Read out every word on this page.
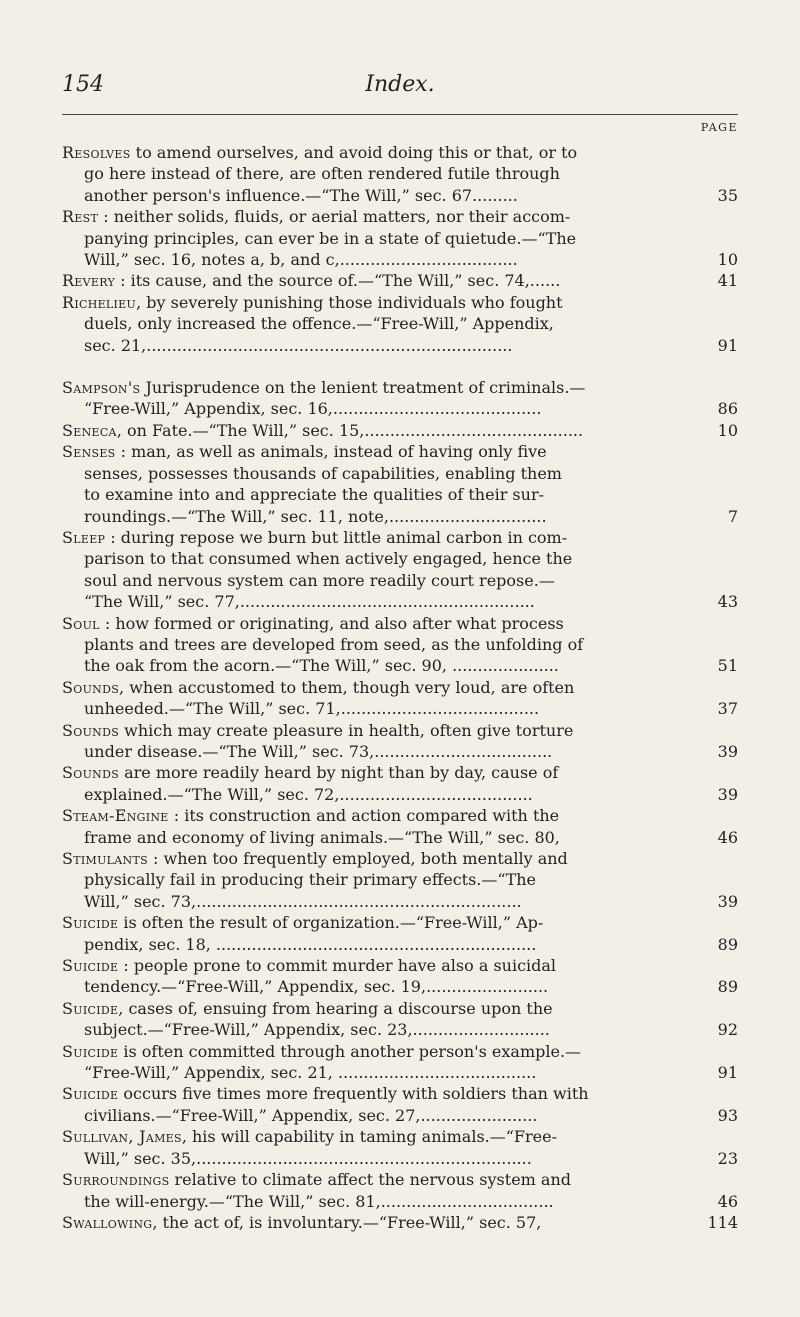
154	Index.
PAGE
Resolves to amend ourselves, and avoid doing this or that, or to
go here instead of there, are often rendered futile through
another person's influence.—“The Will,” sec. 67.........	35
Rest : neither solids, fluids, or aerial matters, nor their accom-
panying principles, can ever be in a state of quietude.—“The
Will,” sec. 16, notes a, b, and c,...................................	10
Revery : its cause, and the source of.—“The Will,” sec. 74,......	41
Richelieu, by severely punishing those individuals who fought
duels, only increased the offence.—“Free-Will,” Appendix,
sec. 21,........................................................................	91
Sampson's Jurisprudence on the lenient treatment of criminals.—
“Free-Will,” Appendix, sec. 16,.........................................	86
Seneca, on Fate.—“The Will,” sec. 15,...........................................	10
Senses : man, as well as animals, instead of having only five
senses, possesses thousands of capabilities, enabling them
to examine into and appreciate the qualities of their sur-
roundings.—“The Will,” sec. 11, note,...............................	7
Sleep : during repose we burn but little animal carbon in com-
parison to that consumed when actively engaged, hence the
soul and nervous system can more readily court repose.—
“The Will,” sec. 77,..........................................................	43
Soul : how formed or originating, and also after what process
plants and trees are developed from seed, as the unfolding of
the oak from the acorn.—“The Will,” sec. 90, .....................	51
Sounds, when accustomed to them, though very loud, are often
unheeded.—“The Will,” sec. 71,.......................................	37
Sounds which may create pleasure in health, often give torture
under disease.—“The Will,” sec. 73,...................................	39
Sounds are more readily heard by night than by day, cause of
explained.—“The Will,” sec. 72,......................................	39
Steam-Engine : its construction and action compared with the
frame and economy of living animals.—“The Will,” sec. 80,	46
Stimulants : when too frequently employed, both mentally and
physically fail in producing their primary effects.—“The
Will,” sec. 73,................................................................	39
Suicide is often the result of organization.—“Free-Will,” Ap-
pendix, sec. 18, ...............................................................	89
Suicide : people prone to commit murder have also a suicidal
tendency.—“Free-Will,” Appendix, sec. 19,........................	89
Suicide, cases of, ensuing from hearing a discourse upon the
subject.—“Free-Will,” Appendix, sec. 23,...........................	92
Suicide is often committed through another person's example.—
“Free-Will,” Appendix, sec. 21, .......................................	91
Suicide occurs five times more frequently with soldiers than with
civilians.—“Free-Will,” Appendix, sec. 27,.......................	93
Sullivan, James, his will capability in taming animals.—“Free-
Will,” sec. 35,..................................................................	23
Surroundings relative to climate affect the nervous system and
the will-energy.—“The Will,” sec. 81,..................................	46
Swallowing, the act of, is involuntary.—“Free-Will,” sec. 57,	114
